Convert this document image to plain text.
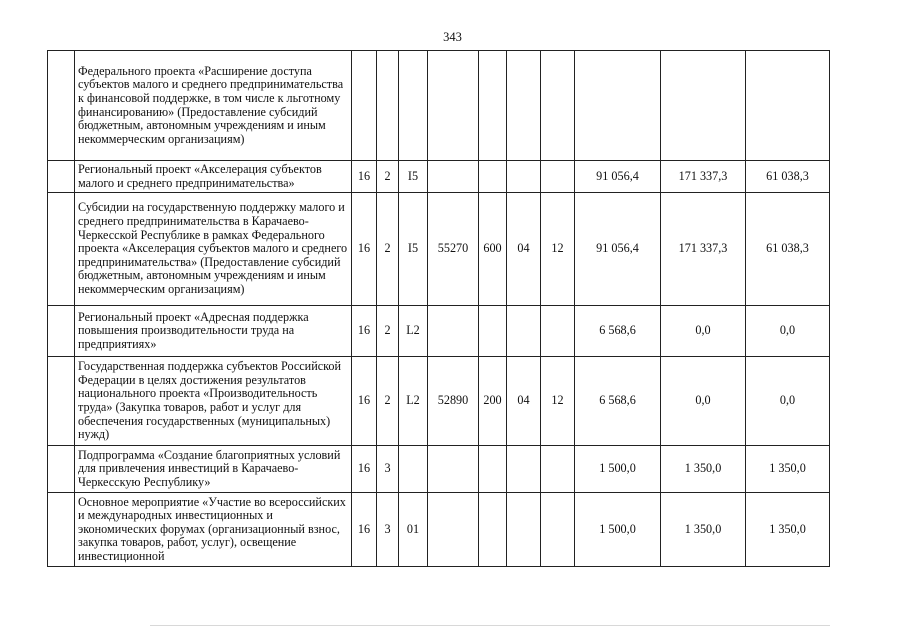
343
	Федерального проекта «Расширение доступа субъектов малого и среднего предпринимательства к финансовой поддержке, в том числе к льготному финансированию» (Предоставление субсидий бюджетным, автономным учреждениям и иным некоммерческим организациям)										
	Региональный проект «Акселерация субъектов малого и среднего предпринимательства»	16	2	I5					91 056,4	171 337,3	61 038,3
	Субсидии на государственную поддержку малого и среднего предпринимательства в Карачаево-Черкесской Республике в рамках Федерального проекта «Акселерация субъектов малого и среднего предпринимательства» (Предоставление субсидий бюджетным, автономным учреждениям и иным некоммерческим организациям)	16	2	I5	55270	600	04	12	91 056,4	171 337,3	61 038,3
	Региональный проект «Адресная поддержка повышения производительности труда на предприятиях»	16	2	L2					6 568,6	0,0	0,0
	Государственная поддержка субъектов Российской Федерации в целях достижения результатов национального проекта «Производительность труда» (Закупка товаров, работ и услуг для обеспечения государственных (муниципальных) нужд)	16	2	L2	52890	200	04	12	6 568,6	0,0	0,0
	Подпрограмма «Создание благоприятных условий для привлечения инвестиций в Карачаево-Черкесскую Республику»	16	3						1 500,0	1 350,0	1 350,0
	Основное мероприятие «Участие во всероссийских и международных инвестиционных и экономических форумах (организационный взнос, закупка товаров, работ, услуг), освещение инвестиционной	16	3	01					1 500,0	1 350,0	1 350,0
